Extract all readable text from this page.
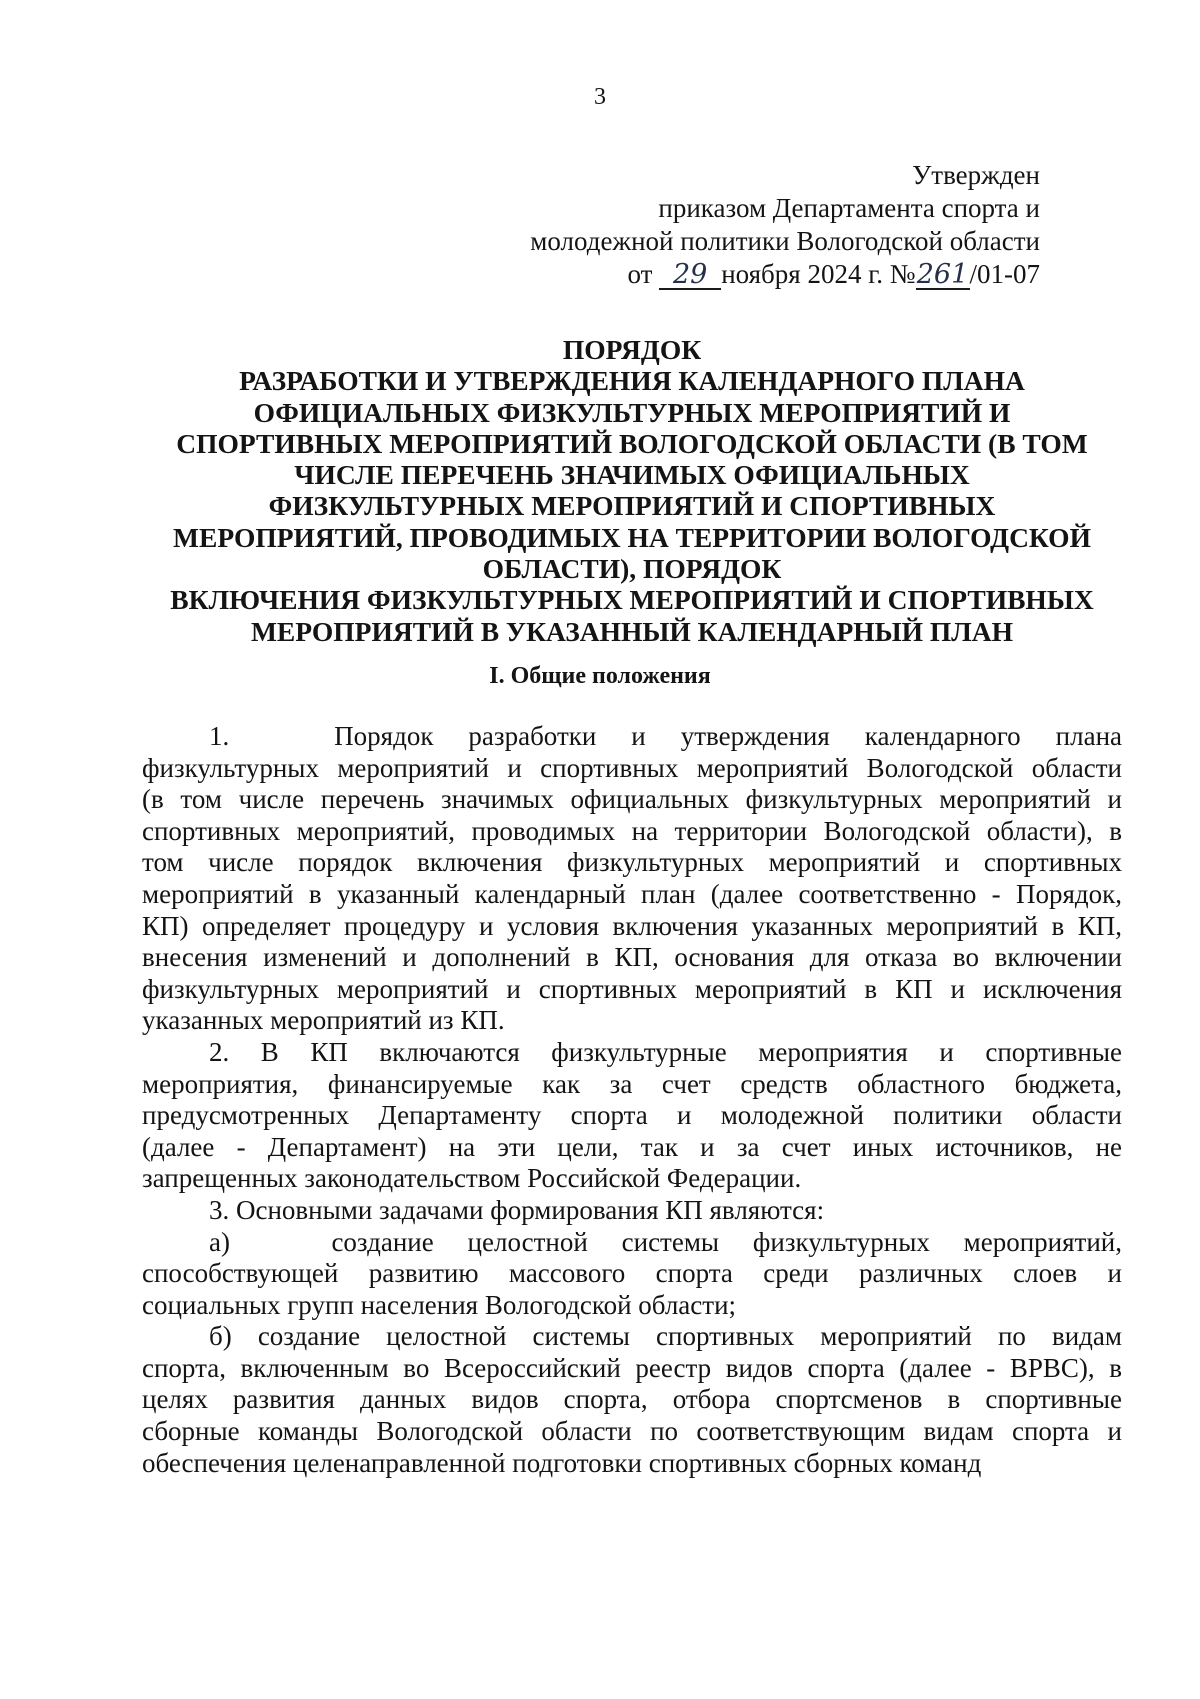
3
Утвержден
приказом Департамента спорта и
молодежной политики Вологодской области
от 29 ноября 2024 г. №261/01-07
ПОРЯДОК
РАЗРАБОТКИ И УТВЕРЖДЕНИЯ КАЛЕНДАРНОГО ПЛАНА
ОФИЦИАЛЬНЫХ ФИЗКУЛЬТУРНЫХ МЕРОПРИЯТИЙ И
СПОРТИВНЫХ МЕРОПРИЯТИЙ ВОЛОГОДСКОЙ ОБЛАСТИ (В ТОМ
ЧИСЛЕ ПЕРЕЧЕНЬ ЗНАЧИМЫХ ОФИЦИАЛЬНЫХ
ФИЗКУЛЬТУРНЫХ МЕРОПРИЯТИЙ И СПОРТИВНЫХ
МЕРОПРИЯТИЙ, ПРОВОДИМЫХ НА ТЕРРИТОРИИ ВОЛОГОДСКОЙ
ОБЛАСТИ), ПОРЯДОК
ВКЛЮЧЕНИЯ ФИЗКУЛЬТУРНЫХ МЕРОПРИЯТИЙ И СПОРТИВНЫХ
МЕРОПРИЯТИЙ В УКАЗАННЫЙ КАЛЕНДАРНЫЙ ПЛАН
I. Общие положения
1.   Порядок разработки и утверждения календарного плана
физкультурных мероприятий и спортивных мероприятий Вологодской области
(в том числе перечень значимых официальных физкультурных мероприятий и
спортивных мероприятий, проводимых на территории Вологодской области), в
том числе порядок включения физкультурных мероприятий и спортивных
мероприятий в указанный календарный план (далее соответственно - Порядок,
КП) определяет процедуру и условия включения указанных мероприятий в КП,
внесения изменений и дополнений в КП, основания для отказа во включении
физкультурных мероприятий и спортивных мероприятий в КП и исключения
указанных мероприятий из КП.
2. В КП включаются физкультурные мероприятия и спортивные
мероприятия, финансируемые как за счет средств областного бюджета,
предусмотренных Департаменту спорта и молодежной политики области
(далее - Департамент) на эти цели, так и за счет иных источников, не
запрещенных законодательством Российской Федерации.
3. Основными задачами формирования КП являются:
а)   создание целостной системы физкультурных мероприятий,
способствующей развитию массового спорта среди различных слоев и
социальных групп населения Вологодской области;
б) создание целостной системы спортивных мероприятий по видам
спорта, включенным во Всероссийский реестр видов спорта (далее - ВРВС), в
целях развития данных видов спорта, отбора спортсменов в спортивные
сборные команды Вологодской области по соответствующим видам спорта и
обеспечения целенаправленной подготовки спортивных сборных команд
